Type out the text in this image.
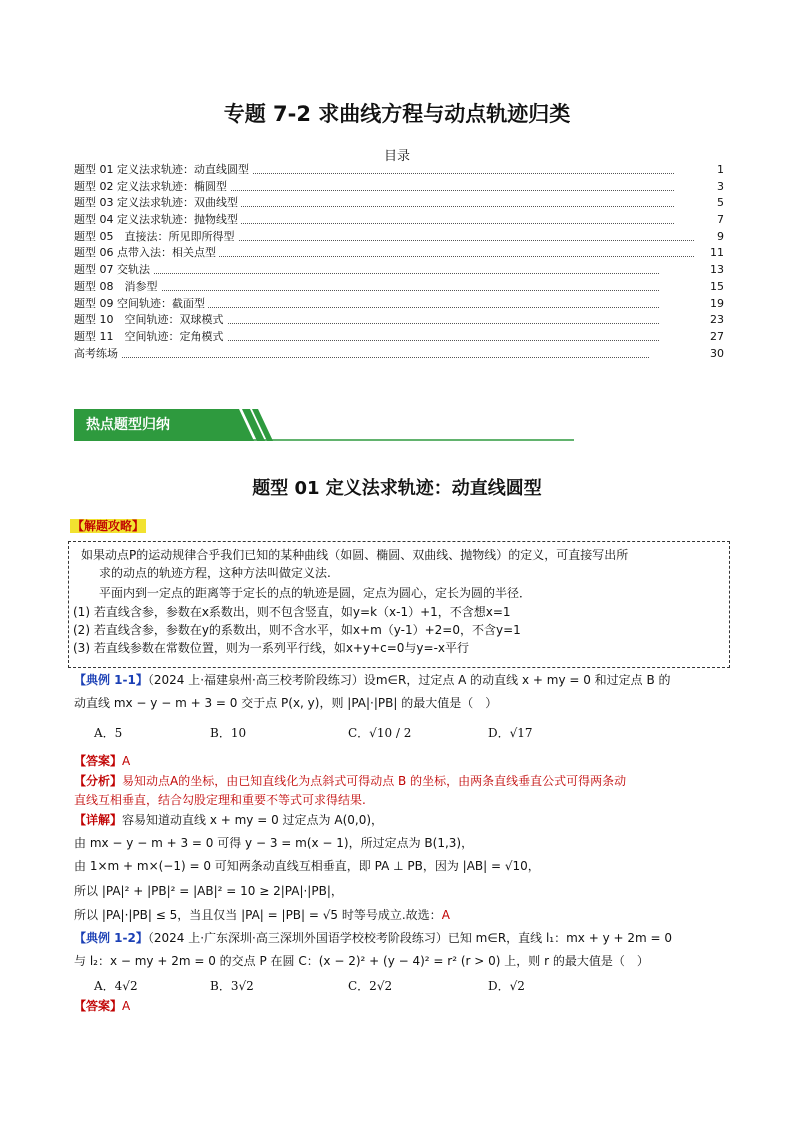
专题 7-2 求曲线方程与动点轨迹归类
目录
题型 01 定义法求轨迹：动直线圆型	1
题型 02 定义法求轨迹：椭圆型	3
题型 03 定义法求轨迹：双曲线型	5
题型 04 定义法求轨迹：抛物线型	7
题型 05　直接法：所见即所得型	9
题型 06 点带入法：相关点型	11
题型 07 交轨法	13
题型 08　消参型	15
题型 09 空间轨迹：截面型	19
题型 10　空间轨迹：双球模式	23
题型 11　空间轨迹：定角模式	27
高考练场	30
热点题型归纳
题型 01 定义法求轨迹：动直线圆型
【解题攻略】
如果动点P的运动规律合乎我们已知的某种曲线（如圆、椭圆、双曲线、抛物线）的定义，可直接写出所
求的动点的轨迹方程，这种方法叫做定义法.
平面内到一定点的距离等于定长的点的轨迹是圆，定点为圆心，定长为圆的半径．
(1) 若直线含参，参数在x系数出，则不包含竖直，如y=k（x-1）+1，不含想x=1
(2) 若直线含参，参数在y的系数出，则不含水平，如x+m（y-1）+2=0，不含y=1
(3) 若直线参数在常数位置，则为一系列平行线，如x+y+c=0与y=-x平行
【典例 1-1】（2024 上·福建泉州·高三校考阶段练习）设m∈R，过定点 A 的动直线 x + my = 0 和过定点 B 的
动直线 mx − y − m + 3 = 0 交于点 P(x, y)，则 |PA|·|PB| 的最大值是（　）
A．5	B．10	C．√10 / 2	D．√17
【答案】A
【分析】易知动点A的坐标，由已知直线化为点斜式可得动点 B 的坐标，由两条直线垂直公式可得两条动
直线互相垂直，结合勾股定理和重要不等式可求得结果.
【详解】容易知道动直线 x + my = 0 过定点为 A(0,0)，
由 mx − y − m + 3 = 0 可得 y − 3 = m(x − 1)，所过定点为 B(1,3)，
由 1×m + m×(−1) = 0 可知两条动直线互相垂直，即 PA ⊥ PB，因为 |AB| = √10，
所以 |PA|² + |PB|² = |AB|² = 10 ≥ 2|PA|·|PB|，
所以 |PA|·|PB| ≤ 5，当且仅当 |PA| = |PB| = √5 时等号成立.故选：A
【典例 1-2】（2024 上·广东深圳·高三深圳外国语学校校考阶段练习）已知 m∈R，直线 l₁：mx + y + 2m = 0
与 l₂：x − my + 2m = 0 的交点 P 在圆 C：(x − 2)² + (y − 4)² = r² (r > 0) 上，则 r 的最大值是（　）
A．4√2	B．3√2	C．2√2	D．√2
【答案】A
